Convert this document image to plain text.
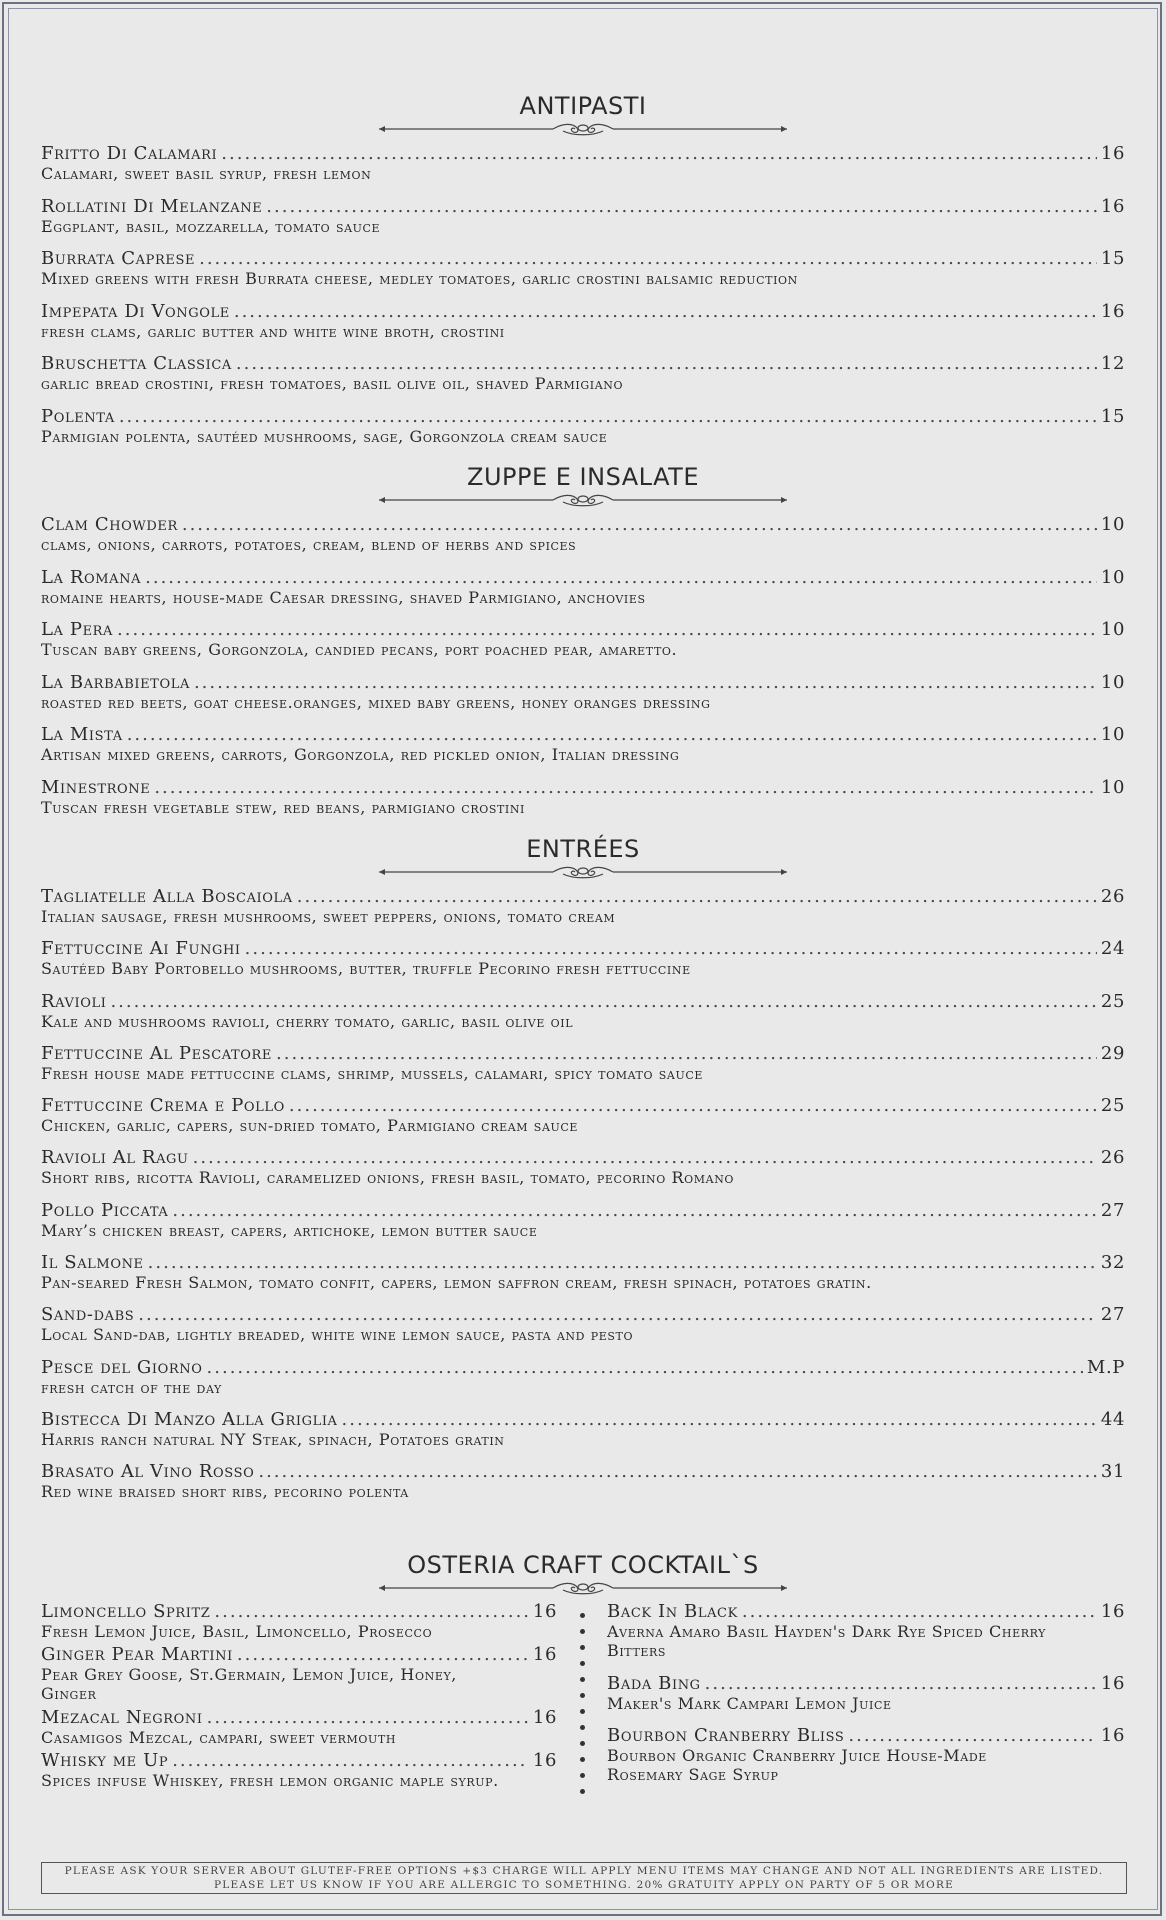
ANTIPASTI
Fritto Di Calamari .....	16
Calamari, sweet basil syrup, fresh lemon
Rollatini Di Melanzane .....	16
Eggplant, basil, mozzarella, tomato sauce
Burrata Caprese .....	15
Mixed greens with fresh Burrata cheese, medley tomatoes, garlic crostini balsamic reduction
Impepata Di Vongole .....	16
fresh clams, garlic butter and white wine broth, crostini
Bruschetta Classica .....	12
garlic bread crostini, fresh tomatoes, basil olive oil, shaved Parmigiano
Polenta .....	15
Parmigian polenta, sautéed mushrooms, sage, Gorgonzola cream sauce
ZUPPE E INSALATE
Clam Chowder .....	10
clams, onions, carrots, potatoes, cream, blend of herbs and spices
La Romana .....	10
romaine hearts, house-made Caesar dressing, shaved Parmigiano, anchovies
La Pera .....	10
Tuscan baby greens, Gorgonzola, candied pecans, port poached pear, amaretto.
La Barbabietola .....	10
roasted red beets, goat cheese.oranges, mixed baby greens, honey oranges dressing
La Mista .....	10
Artisan mixed greens, carrots, Gorgonzola, red pickled onion, Italian dressing
Minestrone .....	10
Tuscan fresh vegetable stew, red beans, parmigiano crostini
ENTRÉES
Tagliatelle Alla Boscaiola .....	26
Italian sausage, fresh mushrooms, sweet peppers, onions, tomato cream
Fettuccine Ai Funghi .....	24
Sautéed Baby Portobello mushrooms, butter, truffle Pecorino fresh fettuccine
Ravioli .....	25
Kale and mushrooms ravioli, cherry tomato, garlic, basil olive oil
Fettuccine Al Pescatore .....	29
Fresh house made fettuccine clams, shrimp, mussels, calamari, spicy tomato sauce
Fettuccine Crema e Pollo .....	25
Chicken, garlic, capers, sun-dried tomato, Parmigiano cream sauce
Ravioli Al Ragu .....	26
Short ribs, ricotta Ravioli, caramelized onions, fresh basil, tomato, pecorino Romano
Pollo Piccata .....	27
Mary’s chicken breast, capers, artichoke, lemon butter sauce
Il Salmone .....	32
Pan-seared Fresh Salmon, tomato confit, capers, lemon saffron cream, fresh spinach, potatoes gratin.
Sand-dabs .....	27
Local Sand-dab, lightly breaded, white wine lemon sauce, pasta and pesto
Pesce del Giorno .....	M.P
fresh catch of the day
Bistecca Di Manzo Alla Griglia .....	44
Harris ranch natural NY Steak, spinach, Potatoes gratin
Brasato Al Vino Rosso .....	31
Red wine braised short ribs, pecorino polenta
OSTERIA CRAFT COCKTAIL`S
Limoncello Spritz .....	16
Fresh Lemon Juice, Basil, Limoncello, Prosecco
Ginger Pear Martini .....	16
Pear Grey Goose, St.Germain, Lemon Juice, Honey, Ginger
Mezacal Negroni .....	16
Casamigos Mezcal, campari, sweet vermouth
Whisky me Up .....	16
Spices infuse Whiskey, fresh lemon organic maple syrup.
Back In Black .....	16
Averna Amaro Basil Hayden's Dark Rye Spiced Cherry Bitters
Bada Bing .....	16
Maker's Mark Campari Lemon Juice
Bourbon Cranberry Bliss .....	16
Bourbon Organic Cranberry Juice House-Made Rosemary Sage Syrup
PLEASE ASK YOUR SERVER ABOUT GLUTEF-FREE OPTIONS +$3 CHARGE WILL APPLY MENU ITEMS MAY CHANGE AND NOT ALL INGREDIENTS ARE LISTED.
PLEASE LET US KNOW IF YOU ARE ALLERGIC TO SOMETHING. 20% GRATUITY APPLY ON PARTY OF 5 OR MORE
